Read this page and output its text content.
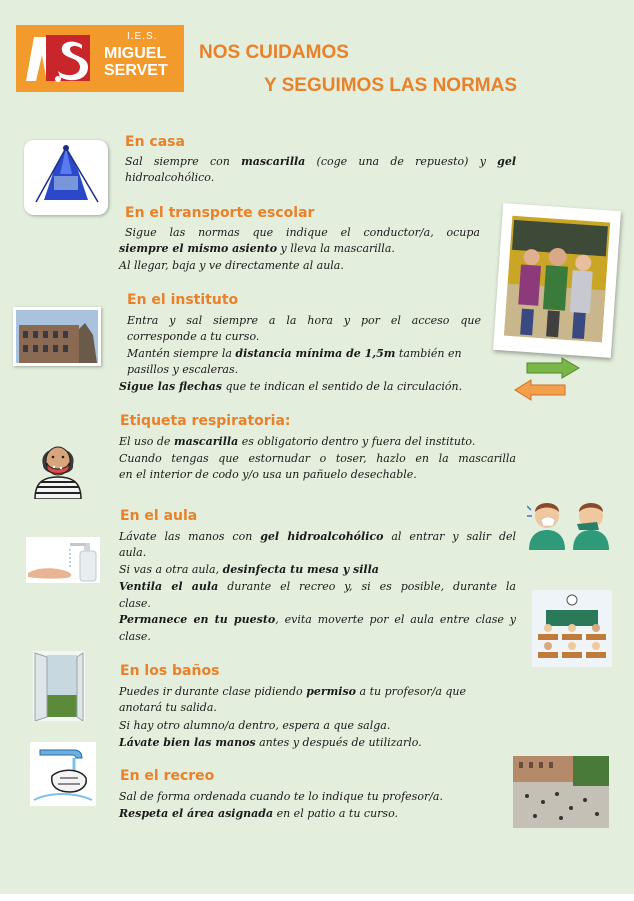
I.E.S.
MIGUEL
SERVET
NOS CUIDAMOS
Y SEGUIMOS LAS NORMAS
En casa
Sal siempre con mascarilla (coge una de repuesto) y gel
hidroalcohólico.
En el transporte escolar
Sigue las normas que indique el conductor/a, ocupa
siempre el mismo asiento y lleva la mascarilla.
Al llegar, baja y ve directamente al aula.
En el instituto
Entra y sal siempre a la hora y por el acceso que
corresponde a tu curso.
Mantén siempre la distancia mínima de 1,5m también en
pasillos y escaleras.
Sigue las flechas que te indican el sentido de la circulación.
Etiqueta respiratoria:
El uso de mascarilla es obligatorio dentro y fuera del instituto.
Cuando tengas que estornudar o toser, hazlo en la mascarilla
en el interior de codo y/o usa un pañuelo desechable.
En el aula
Lávate las manos con gel hidroalcohólico al entrar y salir del
aula.
Si vas a otra aula, desinfecta tu mesa y silla
Ventila el aula durante el recreo y, si es posible, durante la
clase.
Permanece en tu puesto, evita moverte por el aula entre clase y
clase.
En los baños
Puedes ir durante clase pidiendo permiso a tu profesor/a que
anotará tu salida.
Si hay otro alumno/a dentro, espera a que salga.
Lávate bien las manos antes y después de utilizarlo.
En el recreo
Sal de forma ordenada cuando te lo indique tu profesor/a.
Respeta el área asignada en el patio a tu curso.
